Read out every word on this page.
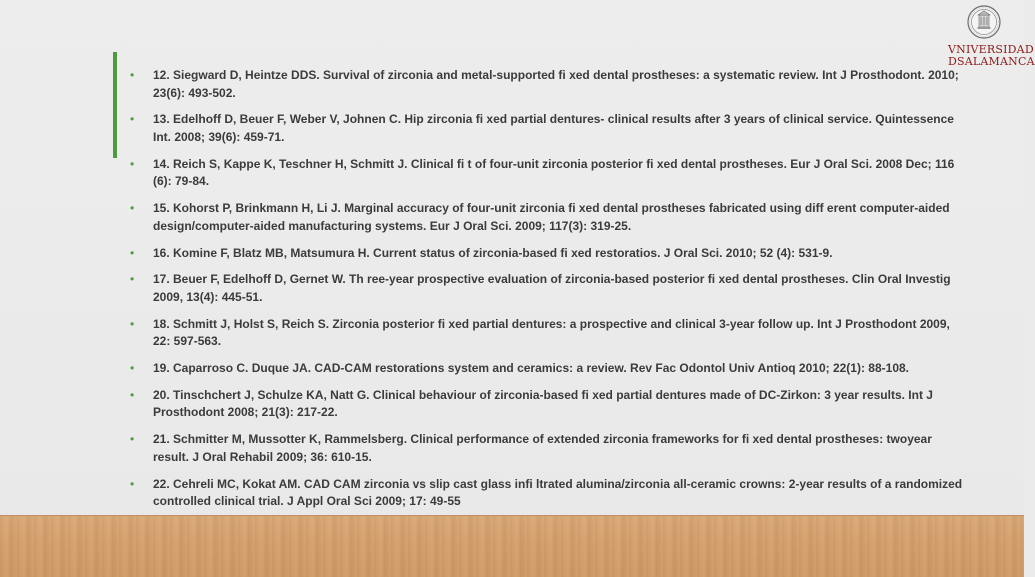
• 12. Siegward D, Heintze DDS. Survival of zirconia and metal-supported fi xed dental prostheses: a systematic review. Int J Prosthodont. 2010; 23(6): 493-502.
• 13. Edelhoff D, Beuer F, Weber V, Johnen C. Hip zirconia fi xed partial dentures- clinical results after 3 years of clinical service. Quintessence Int. 2008; 39(6): 459-71.
• 14. Reich S, Kappe K, Teschner H, Schmitt J. Clinical fi t of four-unit zirconia posterior fi xed dental prostheses. Eur J Oral Sci. 2008 Dec; 116 (6): 79-84.
• 15. Kohorst P, Brinkmann H, Li J. Marginal accuracy of four-unit zirconia fi xed dental prostheses fabricated using diff erent computer-aided design/computer-aided manufacturing systems. Eur J Oral Sci. 2009; 117(3): 319-25.
• 16. Komine F, Blatz MB, Matsumura H. Current status of zirconia-based fi xed restoratios. J Oral Sci. 2010; 52 (4): 531-9.
• 17. Beuer F, Edelhoff D, Gernet W. Th ree-year prospective evaluation of zirconia-based posterior fi xed dental prostheses. Clin Oral Investig 2009, 13(4): 445-51.
• 18. Schmitt J, Holst S, Reich S. Zirconia posterior fi xed partial dentures: a prospective and clinical 3-year follow up. Int J Prosthodont 2009, 22: 597-563.
• 19. Caparroso C. Duque JA. CAD-CAM restorations system and ceramics: a review. Rev Fac Odontol Univ Antioq 2010; 22(1): 88-108.
• 20. Tinschchert J, Schulze KA, Natt G. Clinical behaviour of zirconia-based fi xed partial dentures made of DC-Zirkon: 3 year results. Int J Prosthodont 2008; 21(3): 217-22.
• 21. Schmitter M, Mussotter K, Rammelsberg. Clinical performance of extended zirconia frameworks for fi xed dental prostheses: twoyear result. J Oral Rehabil 2009; 36: 610-15.
• 22. Cehreli MC, Kokat AM. CAD CAM zirconia vs slip cast glass infi ltrated alumina/zirconia all-ceramic crowns: 2-year results of a randomized controlled clinical trial. J Appl Oral Sci 2009; 17: 49-55
VNIVERSIDAD
DSALAMANCA
